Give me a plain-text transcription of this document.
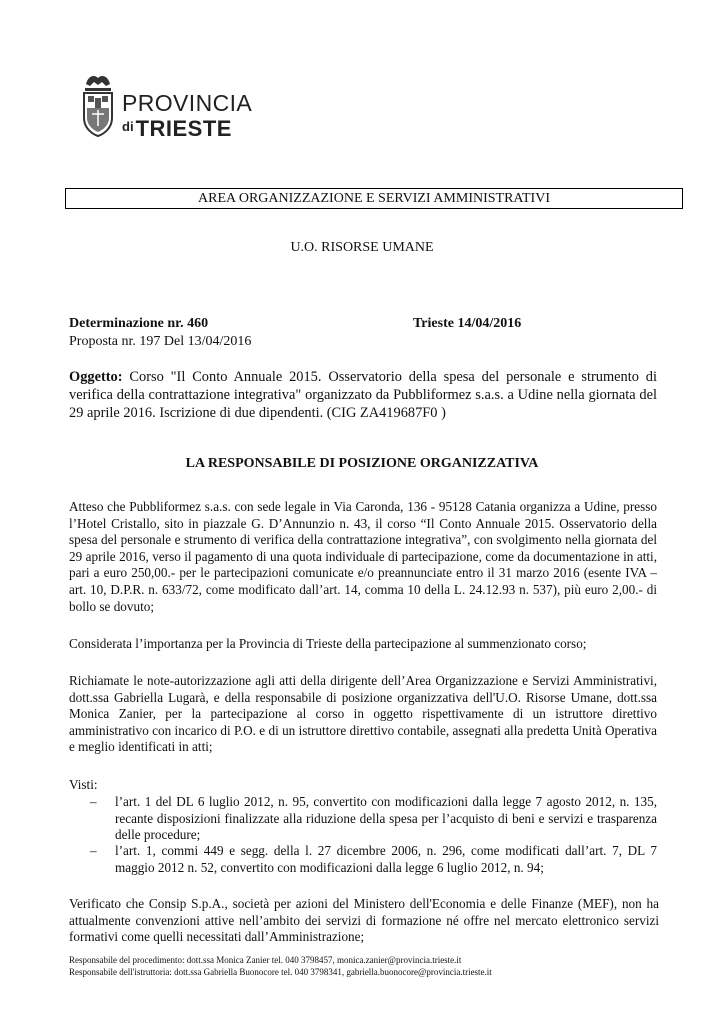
PROVINCIA
$^{di}$TRIESTE
AREA ORGANIZZAZIONE E SERVIZI AMMINISTRATIVI
U.O. RISORSE UMANE
Determinazione nr. 460	Trieste 14/04/2016
Proposta nr. 197 Del 13/04/2016
Oggetto: Corso "Il Conto Annuale 2015. Osservatorio della spesa del personale e strumento di verifica della contrattazione integrativa" organizzato da Pubbliformez s.a.s. a Udine nella giornata del 29 aprile 2016. Iscrizione di due dipendenti. (CIG ZA419687F0 )
LA RESPONSABILE DI POSIZIONE ORGANIZZATIVA
Atteso che Pubbliformez s.a.s. con sede legale in Via Caronda, 136 - 95128 Catania organizza a Udine, presso l’Hotel Cristallo, sito in piazzale G. D’Annunzio n. 43, il corso “Il Conto Annuale 2015. Osservatorio della spesa del personale e strumento di verifica della contrattazione integrativa”, con svolgimento nella giornata del 29 aprile 2016, verso il pagamento di una quota individuale di partecipazione, come da documentazione in atti, pari a euro 250,00.- per le partecipazioni comunicate e/o preannunciate entro il 31 marzo 2016 (esente IVA – art. 10, D.P.R. n. 633/72, come modificato dall’art. 14, comma 10 della L. 24.12.93 n. 537), più euro 2,00.- di bollo se dovuto;
Considerata l’importanza per la Provincia di Trieste della partecipazione al summenzionato corso;
Richiamate le note-autorizzazione agli atti della dirigente dell’Area Organizzazione e Servizi Amministrativi, dott.ssa Gabriella Lugarà, e della responsabile di posizione organizzativa dell'U.O. Risorse Umane, dott.ssa Monica Zanier, per la partecipazione al corso in oggetto rispettivamente di un istruttore direttivo amministrativo con incarico di P.O. e di un istruttore direttivo contabile, assegnati alla predetta Unità Operativa e meglio identificati in atti;
Visti:
– l’art. 1 del DL 6 luglio 2012, n. 95, convertito con modificazioni dalla legge 7 agosto 2012, n. 135, recante disposizioni finalizzate alla riduzione della spesa per l’acquisto di beni e servizi e trasparenza delle procedure;
– l’art. 1, commi 449 e segg. della l. 27 dicembre 2006, n. 296, come modificati dall’art. 7, DL 7 maggio 2012 n. 52, convertito con modificazioni dalla legge 6 luglio 2012, n. 94;
Verificato che Consip S.p.A., società per azioni del Ministero dell'Economia e delle Finanze (MEF), non ha attualmente convenzioni attive nell’ambito dei servizi di formazione né offre nel mercato elettronico servizi formativi come quelli necessitati dall’Amministrazione;
Responsabile del procedimento: dott.ssa Monica Zanier tel. 040 3798457, monica.zanier@provincia.trieste.it
Responsabile dell'istruttoria: dott.ssa Gabriella Buonocore tel. 040 3798341, gabriella.buonocore@provincia.trieste.it
